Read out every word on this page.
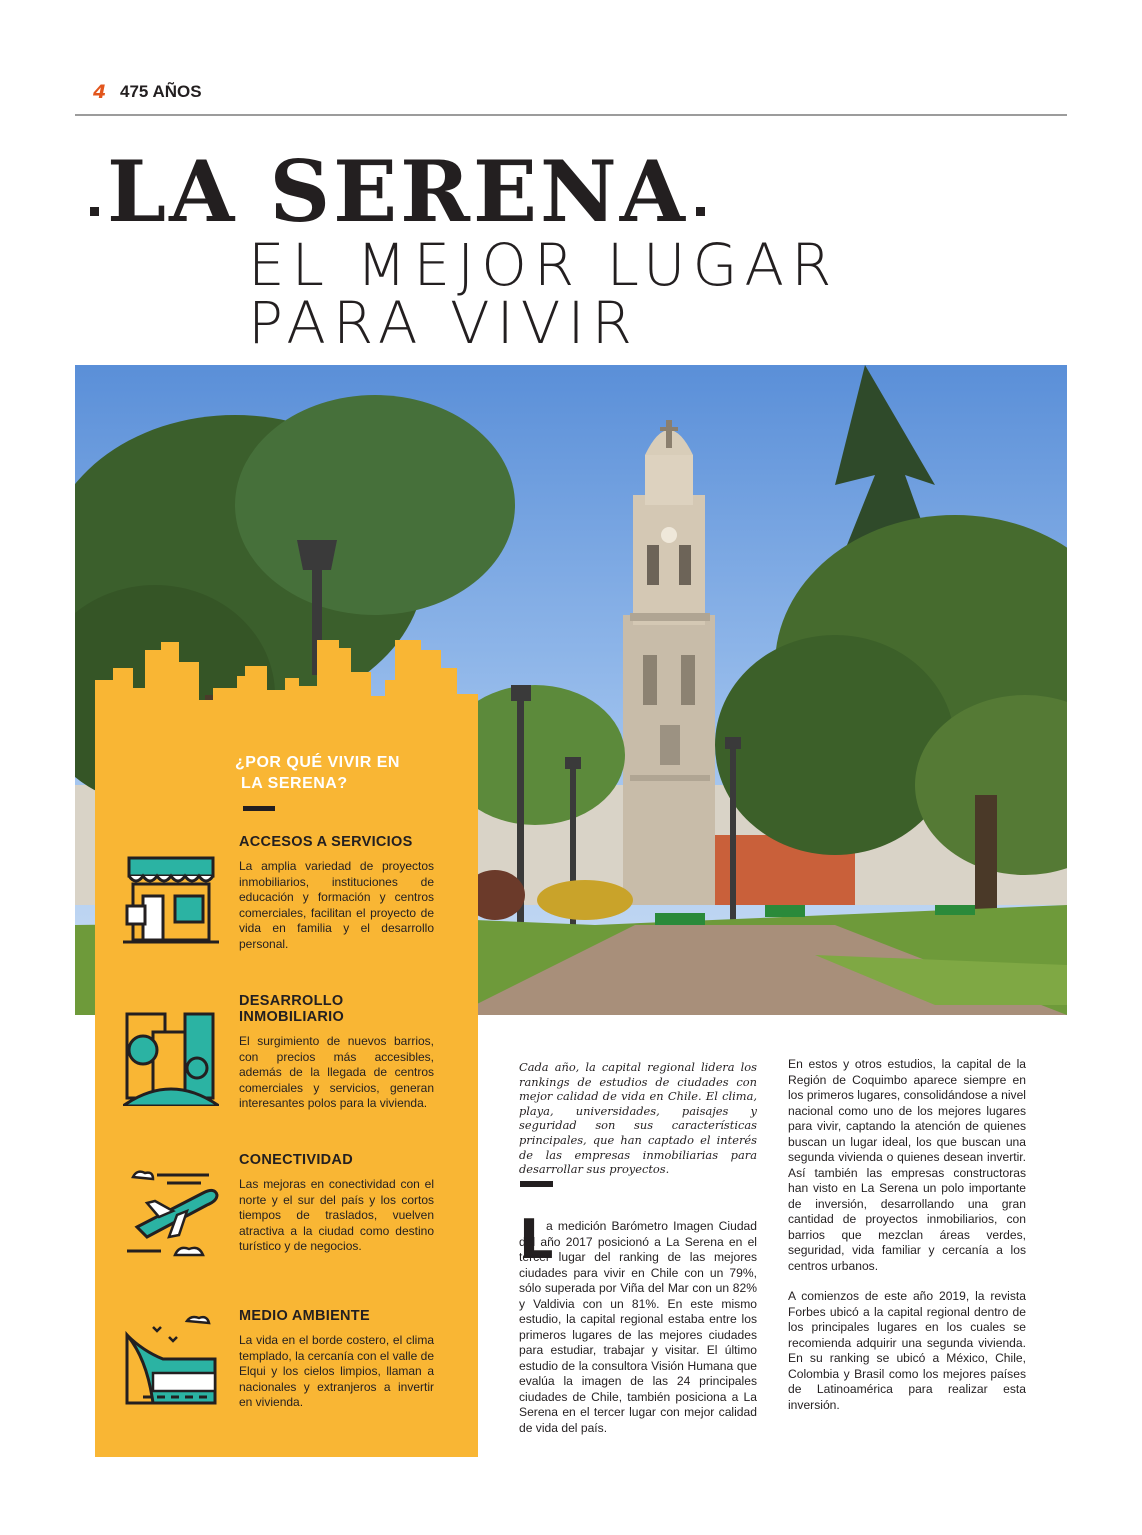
4 475 AÑOS
LA SERENA
EL MEJOR LUGAR
PARA VIVIR
¿POR QUÉ VIVIR EN
LA SERENA?
ACCESOS A SERVICIOS

La amplia variedad de proyectos inmobiliarios, instituciones de educación y formación y centros comerciales, facilitan el proyecto de vida en familia y el desarrollo personal.

DESARROLLO INMOBILIARIO

El surgimiento de nuevos barrios, con precios más accesibles, además de la llegada de centros comerciales y servicios, generan interesantes polos para la vivienda.

CONECTIVIDAD

Las mejoras en conectividad con el norte y el sur del país y los cortos tiempos de traslados, vuelven atractiva a la ciudad como destino turístico y de negocios.

MEDIO AMBIENTE

La vida en el borde costero, el clima templado, la cercanía con el valle de Elqui y los cielos limpios, llaman a nacionales y extranjeros a invertir en vivienda.

Cada año, la capital regional lidera los rankings de estudios de ciudades con mejor calidad de vida en Chile. El clima, playa, universidades, paisajes y seguridad son sus características principales, que han captado el interés de las empresas inmobiliarias para desarrollar sus proyectos.
L

a medición Barómetro Imagen Ciudad del año 2017 posicionó a La Serena en el tercer lugar del ranking de las mejores ciudades para vivir en Chile con un 79%, sólo superada por Viña del Mar con un 82% y Valdivia con un 81%. En este mismo estudio, la capital regional estaba entre los primeros lugares de las mejores ciudades para estudiar, trabajar y visitar. El último estudio de la consultora Visión Humana que evalúa la imagen de las 24 principales ciudades de Chile, también posiciona a La Serena en el tercer lugar con mejor calidad de vida del país.

En estos y otros estudios, la capital de la Región de Coquimbo aparece siempre en los primeros lugares, consolidándose a nivel nacional como uno de los mejores lugares para vivir, captando la atención de quienes buscan un lugar ideal, los que buscan una segunda vivienda o quienes desean invertir. Así también las empresas constructoras han visto en La Serena un polo importante de inversión, desarrollando una gran cantidad de proyectos inmobiliarios, con barrios que mezclan áreas verdes, seguridad, vida familiar y cercanía a los centros urbanos.

A comienzos de este año 2019, la revista Forbes ubicó a la capital regional dentro de los principales lugares en los cuales se recomienda adquirir una segunda vivienda. En su ranking se ubicó a México, Chile, Colombia y Brasil como los mejores países de Latinoamérica para realizar esta inversión.
